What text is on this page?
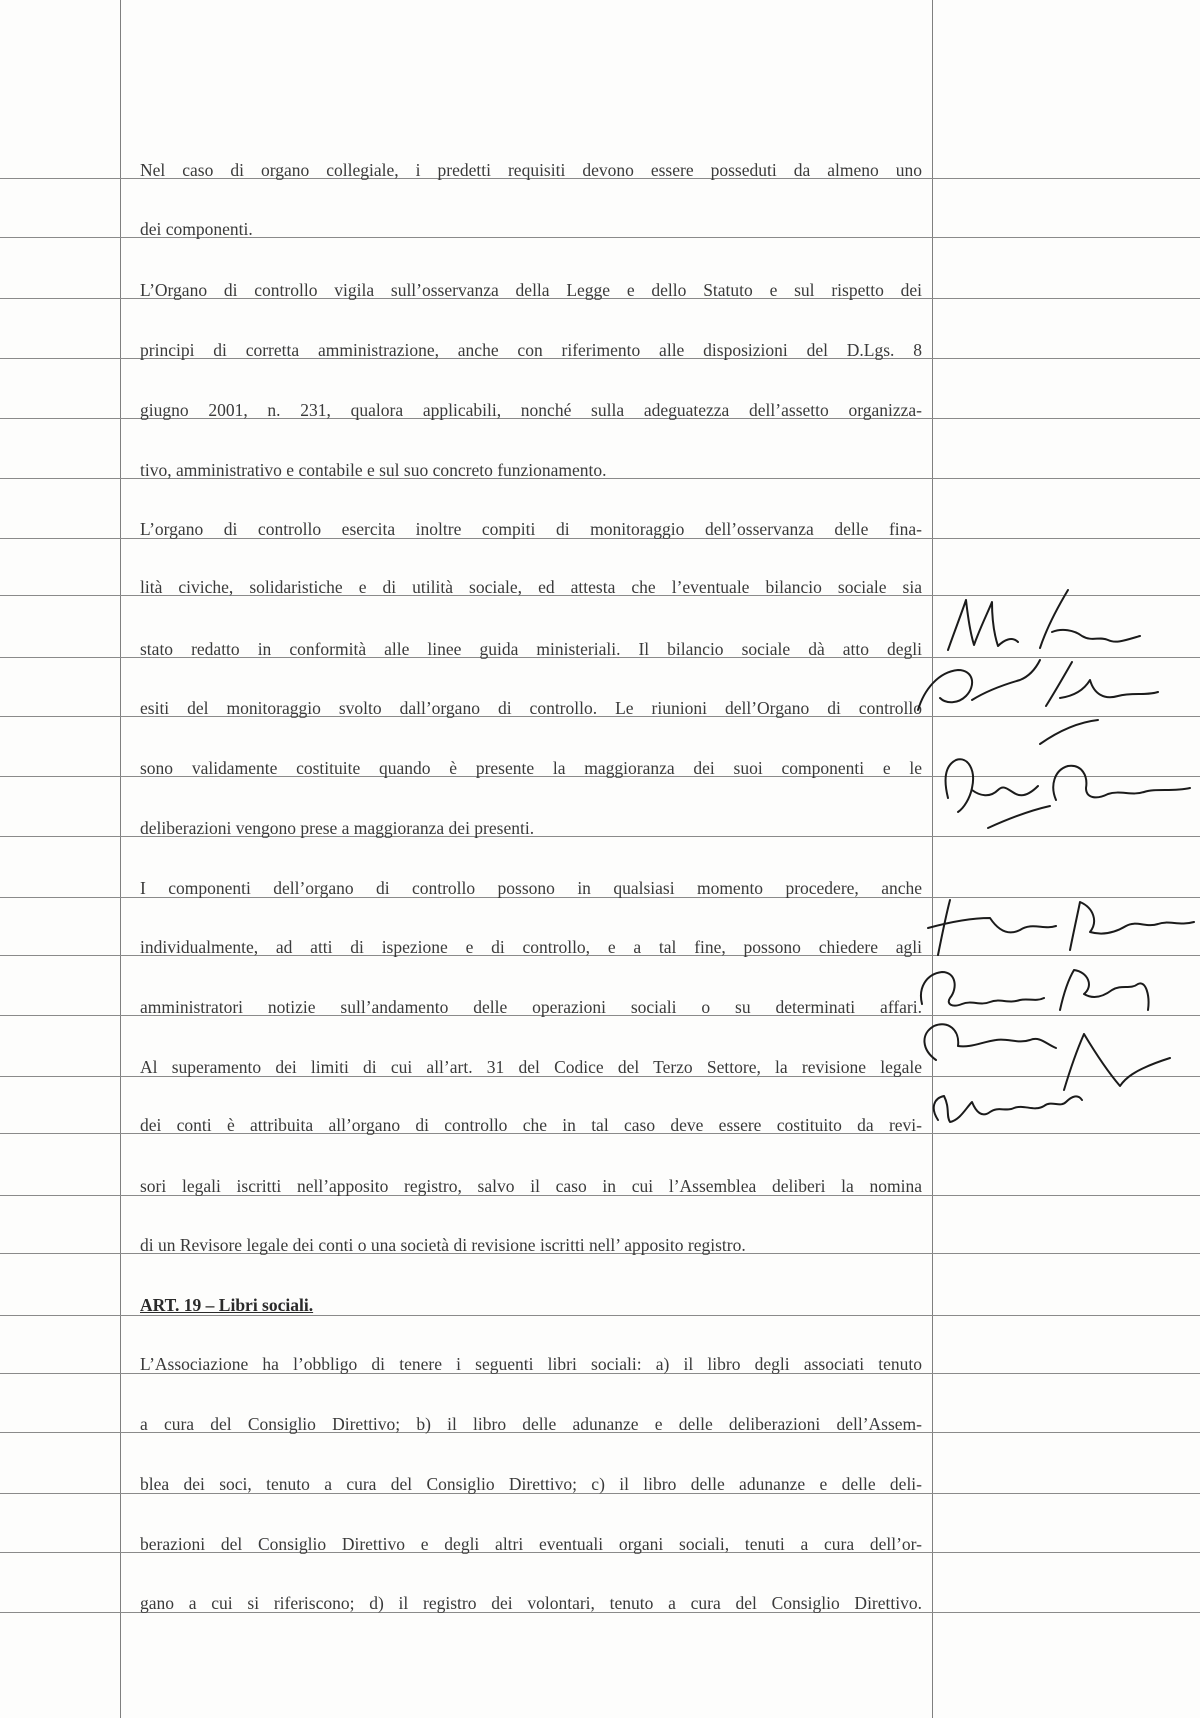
Nel caso di organo collegiale, i predetti requisiti devono essere posseduti da almeno uno
dei componenti.
L’Organo di controllo vigila sull’osservanza della Legge e dello Statuto e sul rispetto dei
principi di corretta amministrazione, anche con riferimento alle disposizioni del D.Lgs. 8
giugno 2001, n. 231, qualora applicabili, nonché sulla adeguatezza dell’assetto organizza-
tivo, amministrativo e contabile e sul suo concreto funzionamento.
L’organo di controllo esercita inoltre compiti di monitoraggio dell’osservanza delle fina-
lità civiche, solidaristiche e di utilità sociale, ed attesta che l’eventuale bilancio sociale sia
stato redatto in conformità alle linee guida ministeriali. Il bilancio sociale dà atto degli
esiti del monitoraggio svolto dall’organo di controllo. Le riunioni dell’Organo di controllo
sono validamente costituite quando è presente la maggioranza dei suoi componenti e le
deliberazioni vengono prese a maggioranza dei presenti.
I componenti dell’organo di controllo possono in qualsiasi momento procedere, anche
individualmente, ad atti di ispezione e di controllo, e a tal fine, possono chiedere agli
amministratori notizie sull’andamento delle operazioni sociali o su determinati affari.
Al superamento dei limiti di cui all’art. 31 del Codice del Terzo Settore, la revisione legale
dei conti è attribuita all’organo di controllo che in tal caso deve essere costituito da revi-
sori legali iscritti nell’apposito registro, salvo il caso in cui l’Assemblea deliberi la nomina
di un Revisore legale dei conti o una società di revisione iscritti nell’ apposito registro.
ART. 19 – Libri sociali.
L’Associazione ha l’obbligo di tenere i seguenti libri sociali: a) il libro degli associati tenuto
a cura del Consiglio Direttivo; b) il libro delle adunanze e delle deliberazioni dell’Assem-
blea dei soci, tenuto a cura del Consiglio Direttivo; c) il libro delle adunanze e delle deli-
berazioni del Consiglio Direttivo e degli altri eventuali organi sociali, tenuti a cura dell’or-
gano a cui si riferiscono; d) il registro dei volontari, tenuto a cura del Consiglio Direttivo.
